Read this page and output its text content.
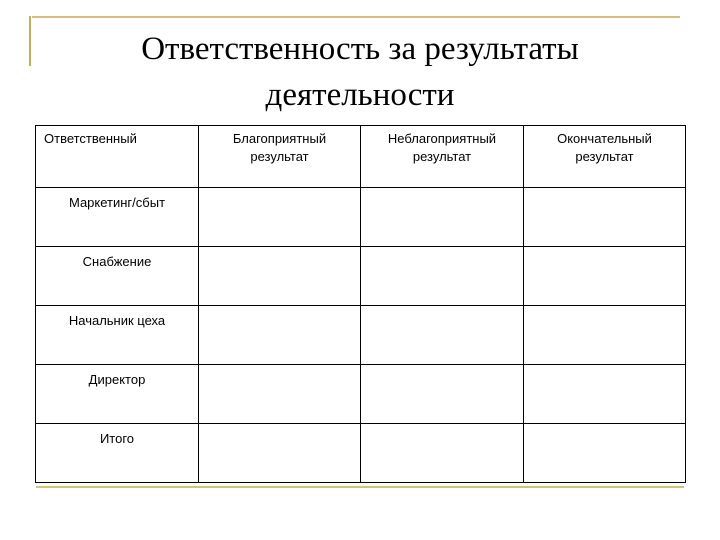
Ответственность за результаты
деятельности
Ответственный	Благоприятный результат	Неблагоприятный результат	Окончательный результат
Маркетинг/сбыт			
Снабжение			
Начальник цеха			
Директор			
Итого			
